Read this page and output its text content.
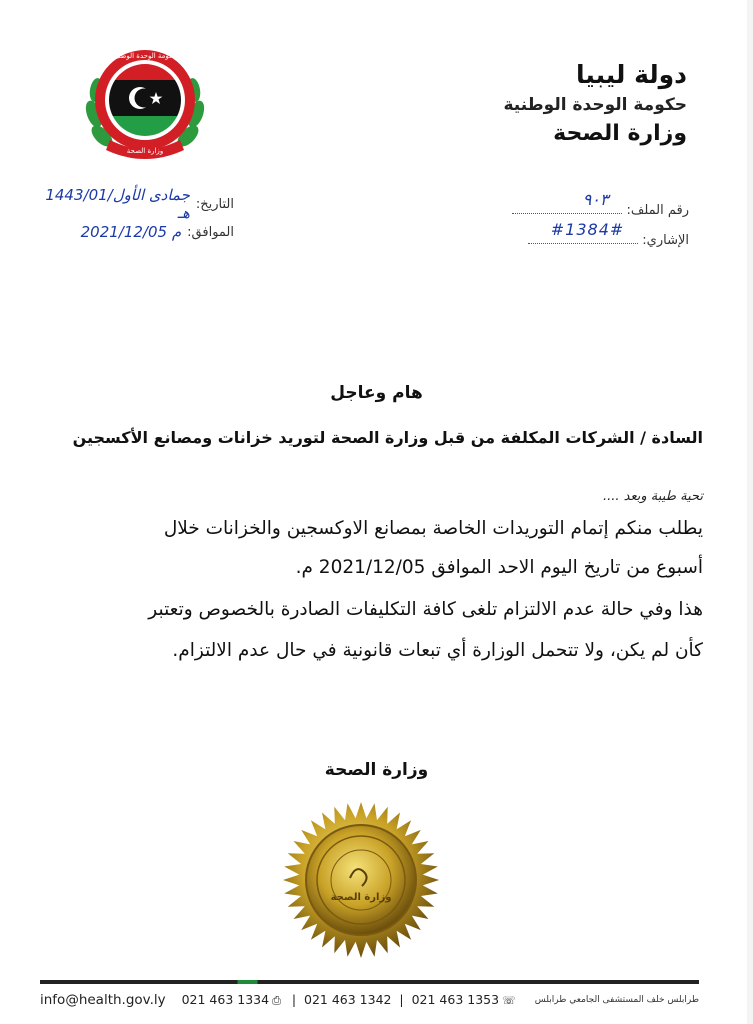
دولة ليبيا
حكومة الوحدة الوطنية
وزارة الصحة
وزارة الصحة
حكومة الوحدة الوطنية
رقم الملف:
٩٠٣
الإشاري:
#1384#
التاريخ:
1443/جمادى الأول/01 هـ
الموافق:
2021/12/05 م
هام وعاجل
السادة / الشركات المكلفة من قبل وزارة الصحة لتوريد خزانات ومصانع الأكسجين
تحية طيبة وبعد ....
يطلب منكم إتمام التوريدات الخاصة بمصانع الاوكسجين والخزانات خلال
أسبوع من تاريخ اليوم الاحد الموافق 2021/12/05 م.
هذا وفي حالة عدم الالتزام تلغى كافة التكليفات الصادرة بالخصوص وتعتبر
كأن لم يكن، ولا تتحمل الوزارة أي تبعات قانونية في حال عدم الالتزام.
وزارة الصحة
وزارة الصحة
info@health.gov.ly 021 463 1334 ⎙  |  021 463 1342  |  021 463 1353 ☏	طرابلس خلف المستشفى الجامعي طرابلس
